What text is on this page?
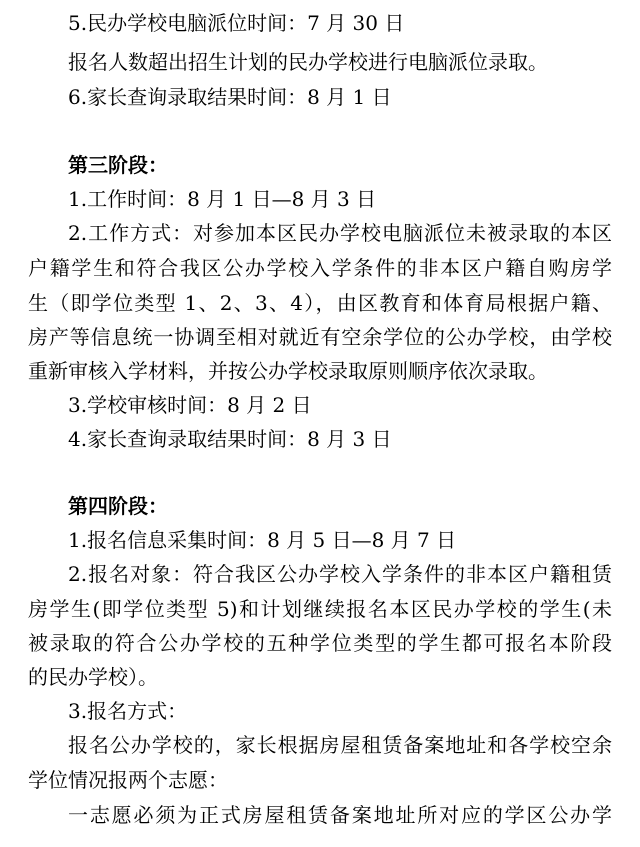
5.民办学校电脑派位时间：7 月 30 日
报名人数超出招生计划的民办学校进行电脑派位录取。
6.家长查询录取结果时间：8 月 1 日
第三阶段：
1.工作时间：8 月 1 日—8 月 3 日
2.工作方式：对参加本区民办学校电脑派位未被录取的本区
户籍学生和符合我区公办学校入学条件的非本区户籍自购房学
生（即学位类型 1、2、3、4），由区教育和体育局根据户籍、
房产等信息统一协调至相对就近有空余学位的公办学校，由学校
重新审核入学材料，并按公办学校录取原则顺序依次录取。
3.学校审核时间：8 月 2 日
4.家长查询录取结果时间：8 月 3 日
第四阶段：
1.报名信息采集时间：8 月 5 日—8 月 7 日
2.报名对象：符合我区公办学校入学条件的非本区户籍租赁
房学生(即学位类型 5)和计划继续报名本区民办学校的学生(未
被录取的符合公办学校的五种学位类型的学生都可报名本阶段
的民办学校）。
3.报名方式：
报名公办学校的，家长根据房屋租赁备案地址和各学校空余
学位情况报两个志愿：
一志愿必须为正式房屋租赁备案地址所对应的学区公办学
